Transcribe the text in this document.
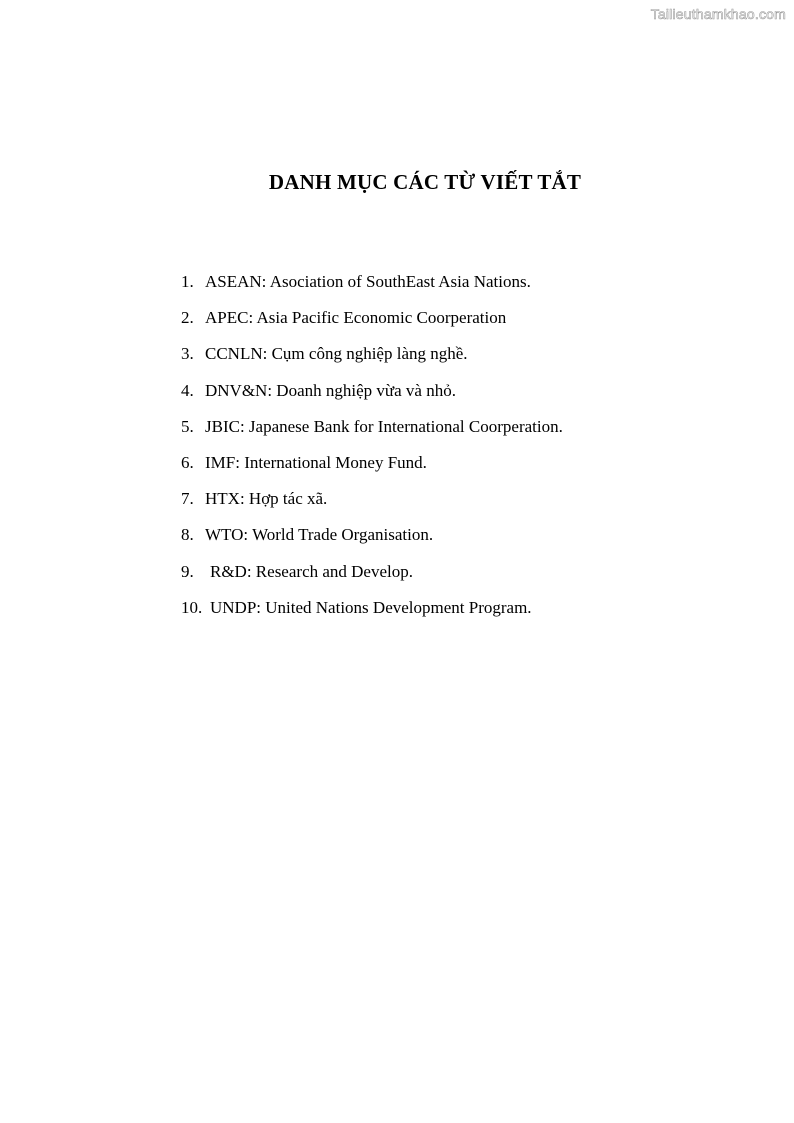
Tailieuthamkhao.com
DANH MỤC CÁC TỪ VIẾT TẮT
1. ASEAN: Asociation of SouthEast Asia Nations.
2. APEC: Asia Pacific Economic Coorperation
3. CCNLN: Cụm công nghiệp làng nghề.
4. DNV&N: Doanh nghiệp vừa và nhỏ.
5. JBIC: Japanese Bank for International Coorperation.
6. IMF: International Money Fund.
7. HTX: Hợp tác xã.
8. WTO: World Trade Organisation.
9. R&D: Research and Develop.
10. UNDP: United Nations Development Program.
